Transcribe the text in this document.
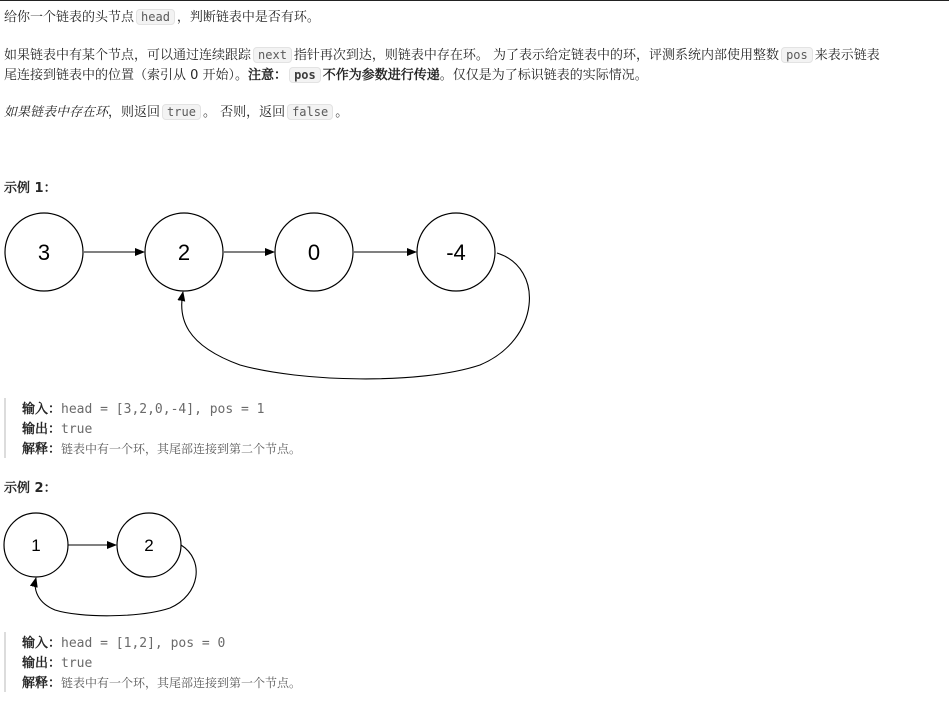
给你一个链表的头节点 head ，判断链表中是否有环。
如果链表中有某个节点，可以通过连续跟踪 next 指针再次到达，则链表中存在环。 为了表示给定链表中的环，评测系统内部使用整数 pos 来表示链表
尾连接到链表中的位置（索引从 0 开始）。注意： pos 不作为参数进行传递。仅仅是为了标识链表的实际情况。
如果链表中存在环，则返回 true 。 否则，返回 false 。
示例 1：
3	2	0	-4
输入：head = [3,2,0,-4], pos = 1
输出：true
解释：链表中有一个环，其尾部连接到第二个节点。
示例 2：
1	2
输入：head = [1,2], pos = 0
输出：true
解释：链表中有一个环，其尾部连接到第一个节点。
